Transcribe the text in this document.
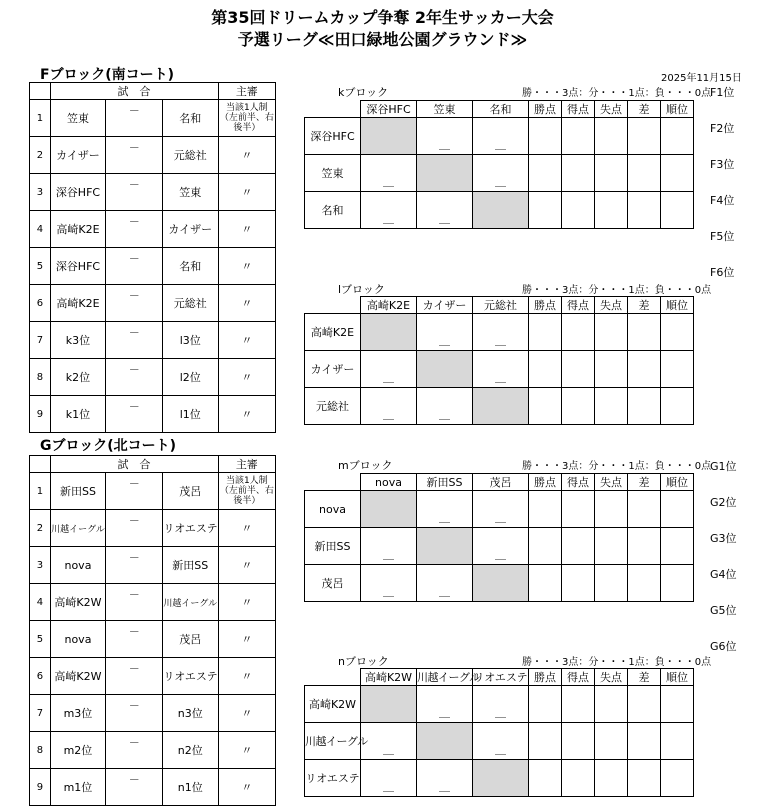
第35回ドリームカップ争奪 2年生サッカー大会
予選リーグ≪田口緑地公園グラウンド≫
2025年11月15日
Fブロック(南コート)
	試　合			主審
1	笠東	－	名和		当該1人制（左前半、右後半）
2	カイザー	－	元総社		〃
3	深谷HFC	－	笠東		〃
4	高崎K2E	－	カイザー		〃
5	深谷HFC	－	名和		〃
6	高崎K2E	－	元総社		〃
7	k3位	－	l3位		〃
8	k2位	－	l2位		〃
9	k1位	－	l1位		〃
kブロック	勝・・・3点：分・・・1点：負・・・0点
	深谷HFC	笠東	名和	勝点	得点	失点	差	順位
深谷HFC		＿	＿					
笠東	＿		＿					
名和	＿	＿						
lブロック	勝・・・3点：分・・・1点：負・・・0点
	高崎K2E	カイザー	元総社	勝点	得点	失点	差	順位
高崎K2E		＿	＿					
カイザー	＿		＿					
元総社	＿	＿						
F1位
F2位
F3位
F4位
F5位
F6位
Gブロック(北コート)
	試　合			主審
1	新田SS	－	茂呂		当該1人制（左前半、右後半）
2	川越イーグル	－	リオエステ		〃
3	nova	－	新田SS		〃
4	高崎K2W	－	川越イーグル		〃
5	nova	－	茂呂		〃
6	高崎K2W	－	リオエステ		〃
7	m3位	－	n3位		〃
8	m2位	－	n2位		〃
9	m1位	－	n1位		〃
mブロック	勝・・・3点：分・・・1点：負・・・0点
	nova	新田SS	茂呂	勝点	得点	失点	差	順位
nova		＿	＿					
新田SS	＿		＿					
茂呂	＿	＿						
nブロック	勝・・・3点：分・・・1点：負・・・0点
	高崎K2W	川越イーグル	リオエステ	勝点	得点	失点	差	順位
高崎K2W		＿	＿					
川越イーグル	＿		＿					
リオエステ	＿	＿						
G1位
G2位
G3位
G4位
G5位
G6位
